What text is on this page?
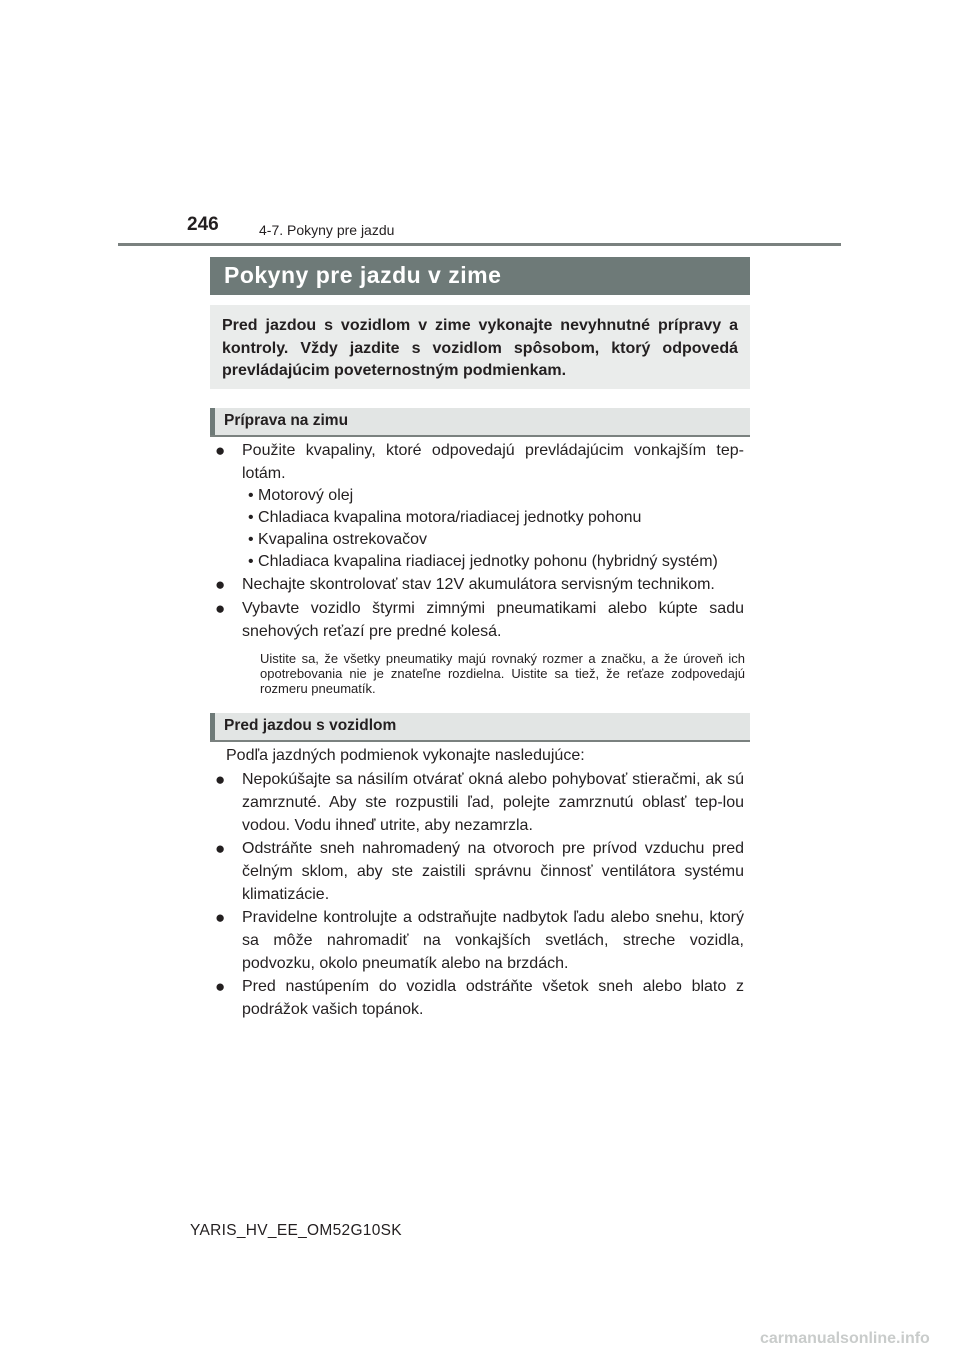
246	4-7. Pokyny pre jazdu
Pokyny pre jazdu v zime
Pred jazdou s vozidlom v zime vykonajte nevyhnutné prípravy a kontroly. Vždy jazdite s vozidlom spôsobom, ktorý odpovedá prevládajúcim poveternostným podmienkam.
Príprava na zimu
● Použite kvapaliny, ktoré odpovedajú prevládajúcim vonkajším tep-lotám.
• Motorový olej
• Chladiaca kvapalina motora/riadiacej jednotky pohonu
• Kvapalina ostrekovačov
• Chladiaca kvapalina riadiacej jednotky pohonu (hybridný systém)
● Nechajte skontrolovať stav 12V akumulátora servisným technikom.
● Vybavte vozidlo štyrmi zimnými pneumatikami alebo kúpte sadu snehových reťazí pre predné kolesá.
Uistite sa, že všetky pneumatiky majú rovnaký rozmer a značku, a že úroveň ich opotrebovania nie je znateľne rozdielna. Uistite sa tiež, že reťaze zodpovedajú rozmeru pneumatík.
Pred jazdou s vozidlom
Podľa jazdných podmienok vykonajte nasledujúce:
● Nepokúšajte sa násilím otvárať okná alebo pohybovať stieračmi, ak sú zamrznuté. Aby ste rozpustili ľad, polejte zamrznutú oblasť tep-lou vodou. Vodu ihneď utrite, aby nezamrzla.
● Odstráňte sneh nahromadený na otvoroch pre prívod vzduchu pred čelným sklom, aby ste zaistili správnu činnosť ventilátora systému klimatizácie.
● Pravidelne kontrolujte a odstraňujte nadbytok ľadu alebo snehu, ktorý sa môže nahromadiť na vonkajších svetlách, streche vozidla, podvozku, okolo pneumatík alebo na brzdách.
● Pred nastúpením do vozidla odstráňte všetok sneh alebo blato z podrážok vašich topánok.
YARIS_HV_EE_OM52G10SK
carmanualsonline.info
